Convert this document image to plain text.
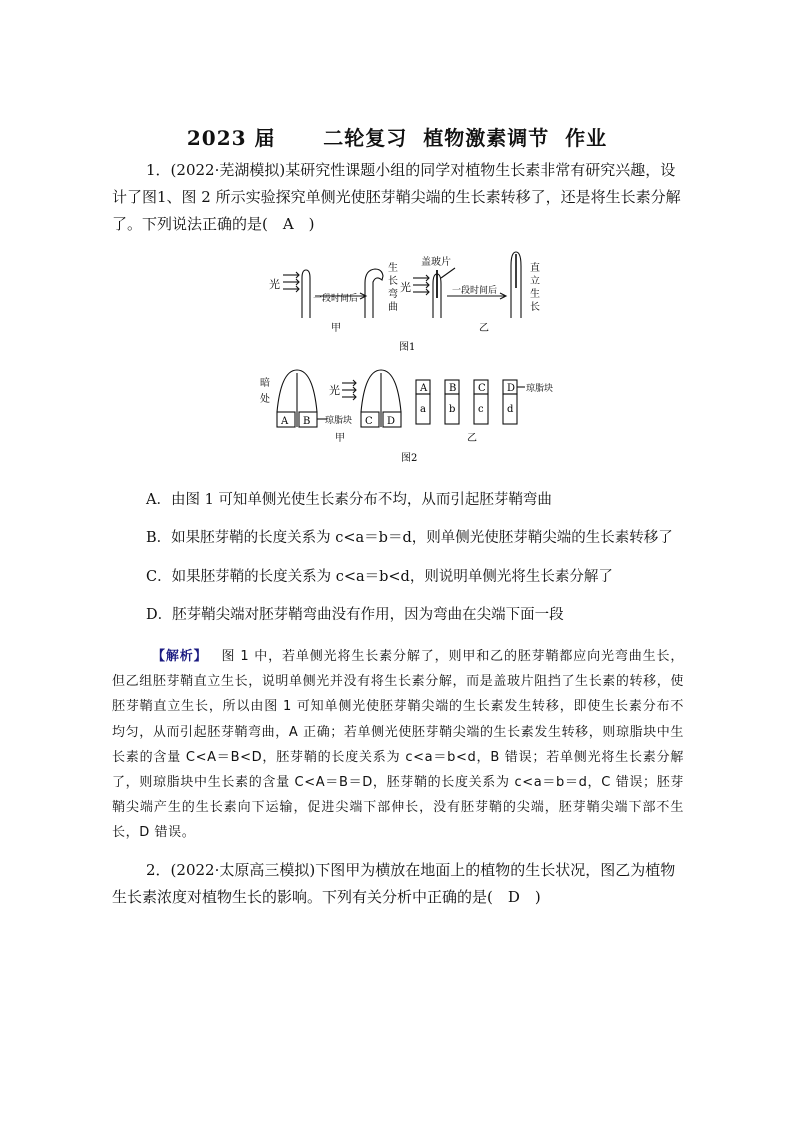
2023 届      二轮复习  植物激素调节  作业
1．(2022·芜湖模拟)某研究性课题小组的同学对植物生长素非常有研究兴趣，设计了图1、图 2 所示实验探究单侧光使胚芽鞘尖端的生长素转移了，还是将生长素分解了。下列说法正确的是(　A　)
光
一段时间后
生
长
弯
曲
盖玻片
光	一段时间后
直
立
生
长
甲	乙
图1
暗
处
A B	C D
光
琼脂块
A B C D
a b c d
琼脂块
甲	乙
图2
A．由图 1 可知单侧光使生长素分布不均，从而引起胚芽鞘弯曲
B．如果胚芽鞘的长度关系为 c<a＝b＝d，则单侧光使胚芽鞘尖端的生长素转移了
C．如果胚芽鞘的长度关系为 c<a＝b<d，则说明单侧光将生长素分解了
D．胚芽鞘尖端对胚芽鞘弯曲没有作用，因为弯曲在尖端下面一段
【解析】 图 1 中，若单侧光将生长素分解了，则甲和乙的胚芽鞘都应向光弯曲生长，但乙组胚芽鞘直立生长，说明单侧光并没有将生长素分解，而是盖玻片阻挡了生长素的转移，使胚芽鞘直立生长，所以由图 1 可知单侧光使胚芽鞘尖端的生长素发生转移，即使生长素分布不均匀，从而引起胚芽鞘弯曲，A 正确；若单侧光使胚芽鞘尖端的生长素发生转移，则琼脂块中生长素的含量 C<A＝B<D，胚芽鞘的长度关系为 c<a＝b<d，B 错误；若单侧光将生长素分解了，则琼脂块中生长素的含量 C<A＝B＝D，胚芽鞘的长度关系为 c<a＝b＝d，C 错误；胚芽鞘尖端产生的生长素向下运输，促进尖端下部伸长，没有胚芽鞘的尖端，胚芽鞘尖端下部不生长，D 错误。
2．(2022·太原高三模拟)下图甲为横放在地面上的植物的生长状况，图乙为植物生长素浓度对植物生长的影响。下列有关分析中正确的是(　D　)
